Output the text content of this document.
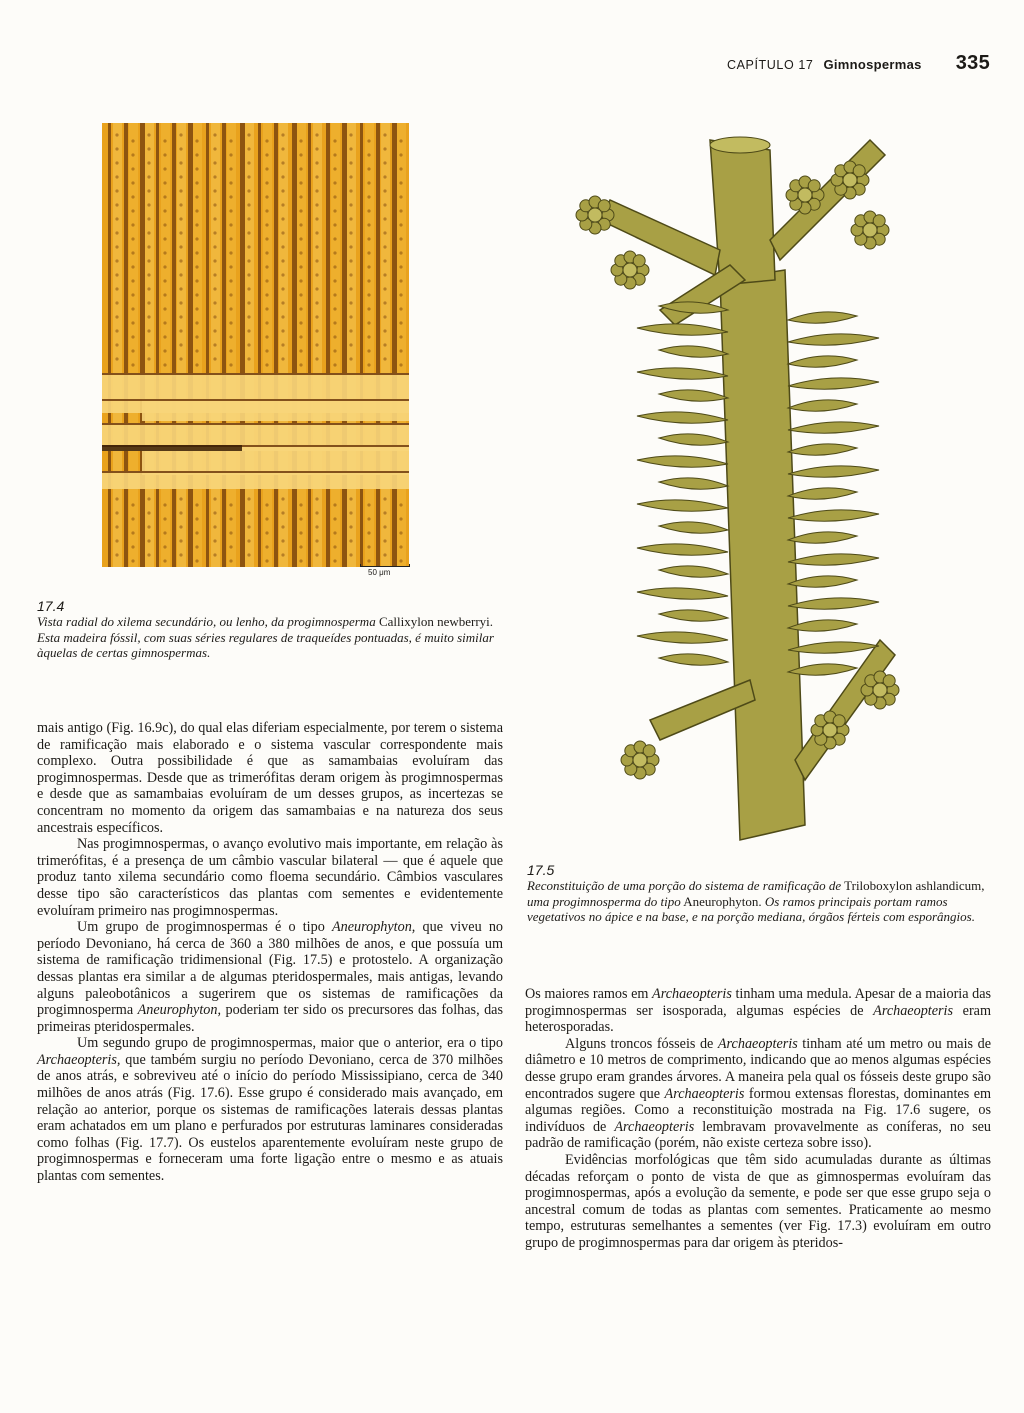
CAPÍTULO 17 Gimnospermas 335
50 μm
17.4
Vista radial do xilema secundário, ou lenho, da progimnosperma Callixylon newberryi. Esta madeira fóssil, com suas séries regulares de traqueídes pontuadas, é muito similar àquelas de certas gimnospermas.
17.5
Reconstituição de uma porção do sistema de ramificação de Triloboxylon ashlandicum, uma progimnosperma do tipo Aneurophyton. Os ramos principais portam ramos vegetativos no ápice e na base, e na porção mediana, órgãos férteis com esporângios.

mais antigo (Fig. 16.9c), do qual elas diferiam especialmente, por terem o sistema de ramificação mais elaborado e o sistema vascular correspondente mais complexo. Outra possibilidade é que as samambaias evoluíram das progimnospermas. Desde que as trimerófitas deram origem às progimnospermas e desde que as samambaias evoluíram de um desses grupos, as incertezas se concentram no momento da origem das samambaias e na natureza dos seus ancestrais específicos.

Nas progimnospermas, o avanço evolutivo mais importante, em relação às trimerófitas, é a presença de um câmbio vascular bilateral — que é aquele que produz tanto xilema secundário como floema secundário. Câmbios vasculares desse tipo são característicos das plantas com sementes e evidentemente evoluíram primeiro nas progimnospermas.

Um grupo de progimnospermas é o tipo Aneurophyton, que viveu no período Devoniano, há cerca de 360 a 380 milhões de anos, e que possuía um sistema de ramificação tridimensional (Fig. 17.5) e protostelo. A organização dessas plantas era similar a de algumas pteridospermales, mais antigas, levando alguns paleobotânicos a sugerirem que os sistemas de ramificações da progimnosperma Aneurophyton, poderiam ter sido os precursores das folhas, das primeiras pteridospermales.

Um segundo grupo de progimnospermas, maior que o anterior, era o tipo Archaeopteris, que também surgiu no período Devoniano, cerca de 370 milhões de anos atrás, e sobreviveu até o início do período Mississipiano, cerca de 340 milhões de anos atrás (Fig. 17.6). Esse grupo é considerado mais avançado, em relação ao anterior, porque os sistemas de ramificações laterais dessas plantas eram achatados em um plano e perfurados por estruturas laminares consideradas como folhas (Fig. 17.7). Os eustelos aparentemente evoluíram neste grupo de progimnospermas e forneceram uma forte ligação entre o mesmo e as atuais plantas com sementes.

Os maiores ramos em Archaeopteris tinham uma medula. Apesar de a maioria das progimnospermas ser isosporada, algumas espécies de Archaeopteris eram heterosporadas.

Alguns troncos fósseis de Archaeopteris tinham até um metro ou mais de diâmetro e 10 metros de comprimento, indicando que ao menos algumas espécies desse grupo eram grandes árvores. A maneira pela qual os fósseis deste grupo são encontrados sugere que Archaeopteris formou extensas florestas, dominantes em algumas regiões. Como a reconstituição mostrada na Fig. 17.6 sugere, os indivíduos de Archaeopteris lembravam provavelmente as coníferas, no seu padrão de ramificação (porém, não existe certeza sobre isso).

Evidências morfológicas que têm sido acumuladas durante as últimas décadas reforçam o ponto de vista de que as gimnospermas evoluíram das progimnospermas, após a evolução da semente, e pode ser que esse grupo seja o ancestral comum de todas as plantas com sementes. Praticamente ao mesmo tempo, estruturas semelhantes a sementes (ver Fig. 17.3) evoluíram em outro grupo de progimnospermas para dar origem às pteridos-
